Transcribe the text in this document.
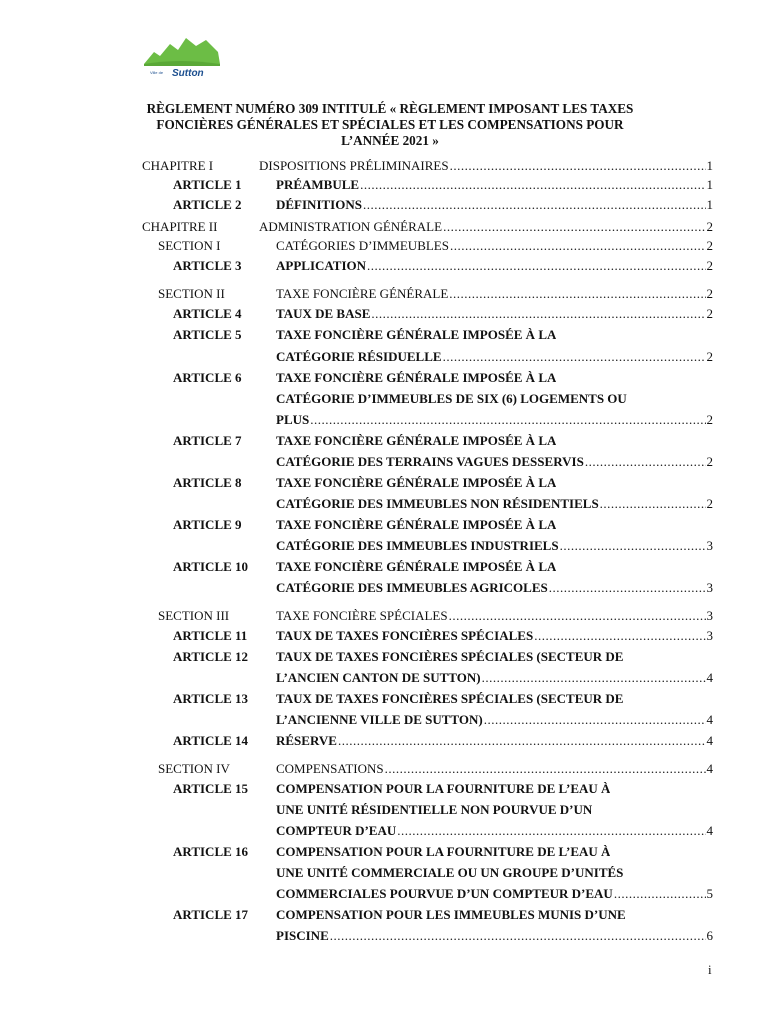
Sutton
Ville de
RÈGLEMENT NUMÉRO 309 INTITULÉ « RÈGLEMENT IMPOSANT LES TAXES
FONCIÈRES GÉNÉRALES ET SPÉCIALES ET LES COMPENSATIONS POUR
L’ANNÉE 2021 »
CHAPITRE I	DISPOSITIONS PRÉLIMINAIRES .....	1
ARTICLE 1	PRÉAMBULE .....	1
ARTICLE 2	DÉFINITIONS .....	1
CHAPITRE II	ADMINISTRATION GÉNÉRALE .....	2
SECTION I	CATÉGORIES D’IMMEUBLES .....	2
ARTICLE 3	APPLICATION .....	2
SECTION II	TAXE FONCIÈRE GÉNÉRALE .....	2
ARTICLE 4	TAUX DE BASE .....	2
ARTICLE 5	TAXE FONCIÈRE GÉNÉRALE IMPOSÉE À LA
CATÉGORIE RÉSIDUELLE .....	2
ARTICLE 6	TAXE FONCIÈRE GÉNÉRALE IMPOSÉE À LA
CATÉGORIE D’IMMEUBLES DE SIX (6) LOGEMENTS OU
PLUS .....	2
ARTICLE 7	TAXE FONCIÈRE GÉNÉRALE IMPOSÉE À LA
CATÉGORIE DES TERRAINS VAGUES DESSERVIS .....	2
ARTICLE 8	TAXE FONCIÈRE GÉNÉRALE IMPOSÉE À LA
CATÉGORIE DES IMMEUBLES NON RÉSIDENTIELS .....	2
ARTICLE 9	TAXE FONCIÈRE GÉNÉRALE IMPOSÉE À LA
CATÉGORIE DES IMMEUBLES INDUSTRIELS .....	3
ARTICLE 10 TAXE FONCIÈRE GÉNÉRALE IMPOSÉE À LA
CATÉGORIE DES IMMEUBLES AGRICOLES .....	3
SECTION III	TAXE FONCIÈRE SPÉCIALES .....	3
ARTICLE 11 TAUX DE TAXES FONCIÈRES SPÉCIALES .....	3
ARTICLE 12 TAUX DE TAXES FONCIÈRES SPÉCIALES (SECTEUR DE
L’ANCIEN CANTON DE SUTTON) .....	4
ARTICLE 13 TAUX DE TAXES FONCIÈRES SPÉCIALES (SECTEUR DE
L’ANCIENNE VILLE DE SUTTON) .....	4
ARTICLE 14 RÉSERVE .....	4
SECTION IV	COMPENSATIONS .....	4
ARTICLE 15 COMPENSATION POUR LA FOURNITURE DE L’EAU À
UNE UNITÉ RÉSIDENTIELLE NON POURVUE D’UN
COMPTEUR D’EAU .....	4
ARTICLE 16 COMPENSATION POUR LA FOURNITURE DE L’EAU À
UNE UNITÉ COMMERCIALE OU UN GROUPE D’UNITÉS
COMMERCIALES POURVUE D’UN COMPTEUR D’EAU .....	5
ARTICLE 17 COMPENSATION POUR LES IMMEUBLES MUNIS D’UNE
PISCINE .....	6
i
